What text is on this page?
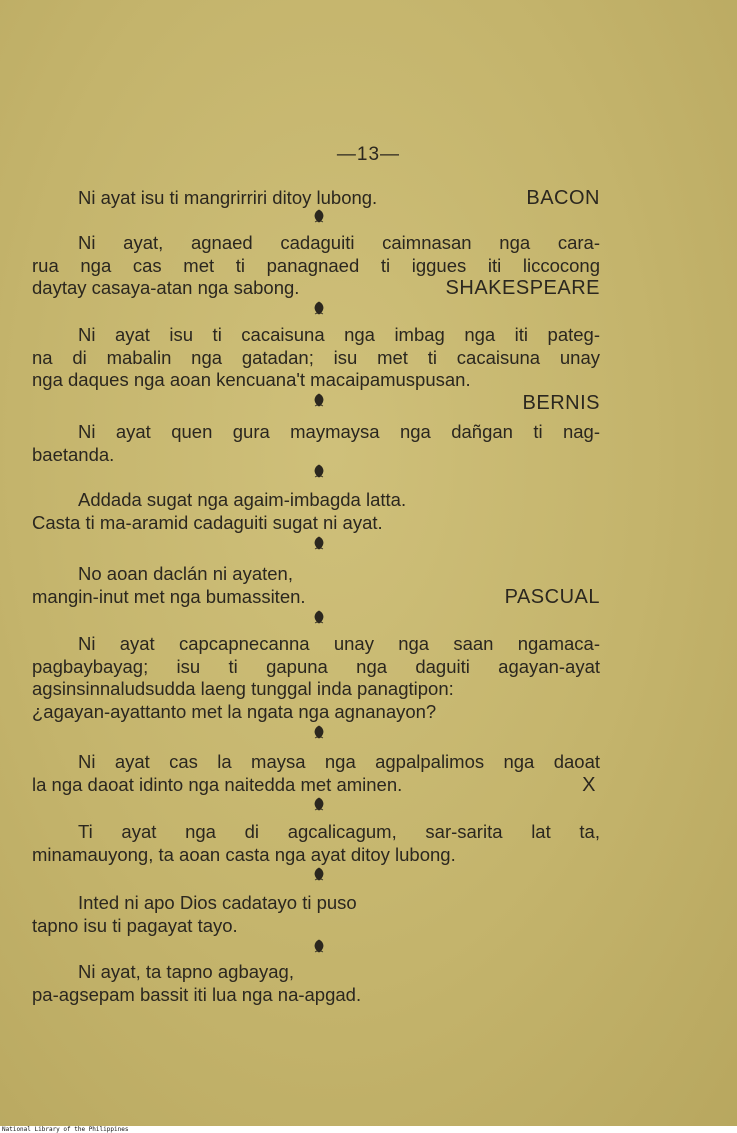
—13—
Ni ayat isu ti mangrirriri ditoy lubong.	BACON
Ni ayat, agnaed cadaguiti caimnasan nga cara-
rua nga cas met ti panagnaed ti iggues iti liccocong
daytay casaya-atan nga sabong.	SHAKESPEARE
Ni ayat isu ti cacaisuna nga imbag nga iti pateg-
na di mabalin nga gatadan; isu met ti cacaisuna unay
nga daques nga aoan kencuana't macaipamuspusan.
BERNIS
Ni ayat quen gura maymaysa nga dañgan ti nag-
baetanda.
Addada sugat nga agaim-imbagda latta.
Casta ti ma-aramid cadaguiti sugat ni ayat.
No aoan daclán ni ayaten,
mangin-inut met nga bumassiten.	PASCUAL
Ni ayat capcapnecanna unay nga saan ngamaca-
pagbaybayag; isu ti gapuna nga daguiti agayan-ayat
agsinsinnaludsudda laeng tunggal inda panagtipon:
¿agayan-ayattanto met la ngata nga agnanayon?
Ni ayat cas la maysa nga agpalpalimos nga daoat
la nga daoat idinto nga naitedda met aminen.	X
Ti ayat nga di agcalicagum, sar-sarita lat ta,
minamauyong, ta aoan casta nga ayat ditoy lubong.
Inted ni apo Dios cadatayo ti puso
tapno isu ti pagayat tayo.
Ni ayat, ta tapno agbayag,
pa-agsepam bassit iti lua nga na-apgad.
National Library of the Philippines
